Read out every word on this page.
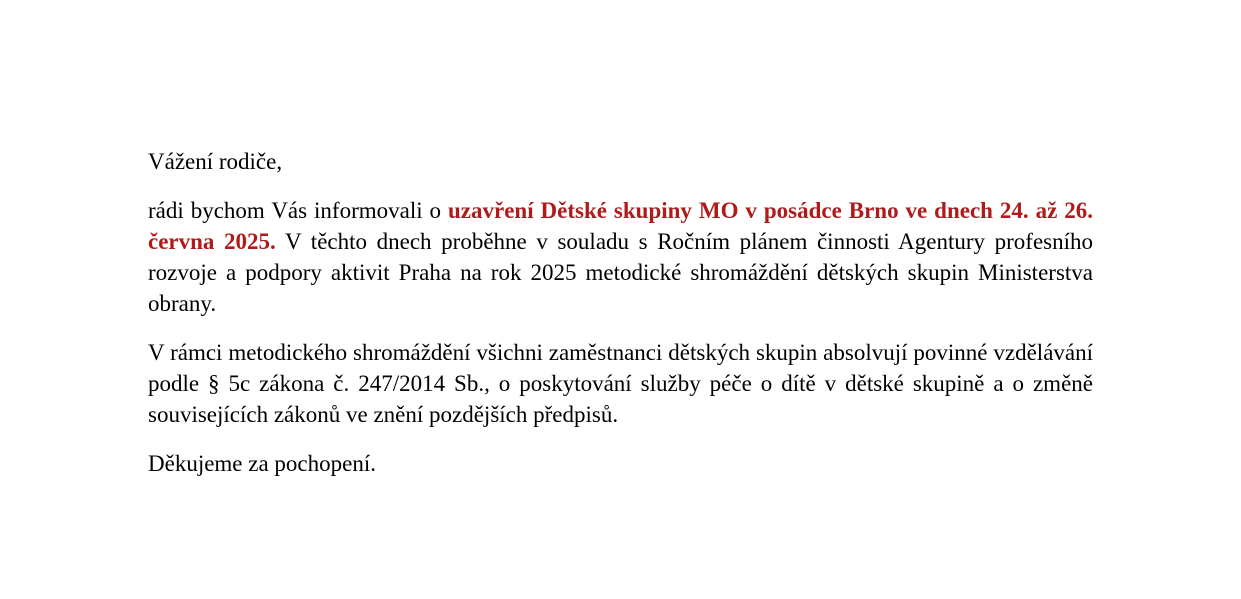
Vážení rodiče,

rádi bychom Vás informovali o uzavření Dětské skupiny MO v posádce Brno ve dnech 24. až 26. června 2025. V těchto dnech proběhne v souladu s Ročním plánem činnosti Agentury profesního rozvoje a podpory aktivit Praha na rok 2025 metodické shromáždění dětských skupin Ministerstva obrany.

V rámci metodického shromáždění všichni zaměstnanci dětských skupin absolvují povinné vzdělávání podle § 5c zákona č. 247/2014 Sb., o poskytování služby péče o dítě v dětské skupině a o změně souvisejících zákonů ve znění pozdějších předpisů.

Děkujeme za pochopení.
